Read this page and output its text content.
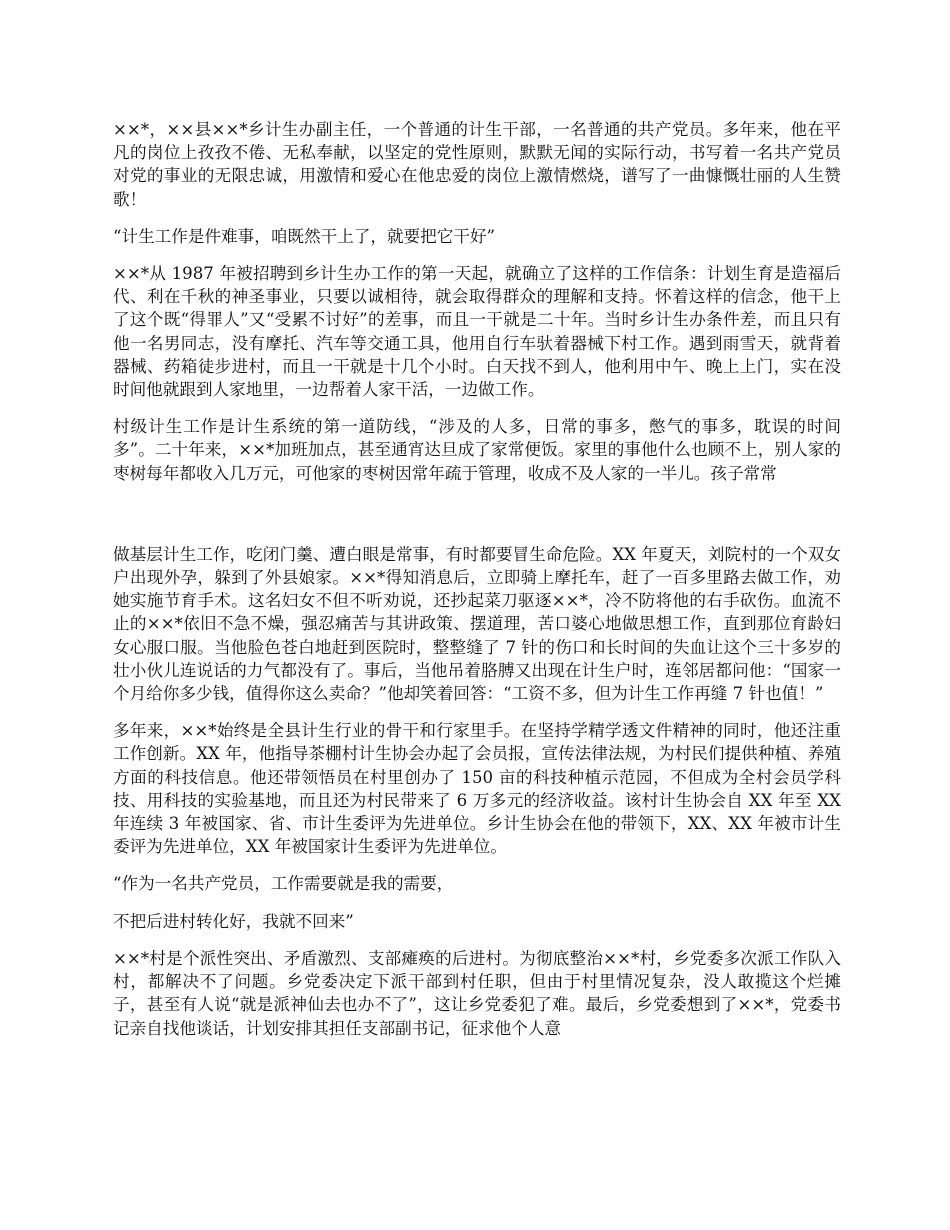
××*，××县××*乡计生办副主任，一个普通的计生干部，一名普通的共产党员。多年来，他在平凡的岗位上孜孜不倦、无私奉献，以坚定的党性原则，默默无闻的实际行动，书写着一名共产党员对党的事业的无限忠诚，用激情和爱心在他忠爱的岗位上激情燃烧，谱写了一曲慷慨壮丽的人生赞歌！

“计生工作是件难事，咱既然干上了，就要把它干好”

××*从 1987 年被招聘到乡计生办工作的第一天起，就确立了这样的工作信条：计划生育是造福后代、利在千秋的神圣事业，只要以诚相待，就会取得群众的理解和支持。怀着这样的信念，他干上了这个既“得罪人”又“受累不讨好”的差事，而且一干就是二十年。当时乡计生办条件差，而且只有他一名男同志，没有摩托、汽车等交通工具，他用自行车驮着器械下村工作。遇到雨雪天，就背着器械、药箱徒步进村，而且一干就是十几个小时。白天找不到人，他利用中午、晚上上门，实在没时间他就跟到人家地里，一边帮着人家干活，一边做工作。

村级计生工作是计生系统的第一道防线，“涉及的人多，日常的事多，憋气的事多，耽误的时间多”。二十年来，××*加班加点，甚至通宵达旦成了家常便饭。家里的事他什么也顾不上，别人家的枣树每年都收入几万元，可他家的枣树因常年疏于管理，收成不及人家的一半儿。孩子常常

做基层计生工作，吃闭门羹、遭白眼是常事，有时都要冒生命危险。XX 年夏天，刘院村的一个双女户出现外孕，躲到了外县娘家。××*得知消息后，立即骑上摩托车，赶了一百多里路去做工作，劝她实施节育手术。这名妇女不但不听劝说，还抄起菜刀驱逐××*，冷不防将他的右手砍伤。血流不止的××*依旧不急不燥，强忍痛苦与其讲政策、摆道理，苦口婆心地做思想工作，直到那位育龄妇女心服口服。当他脸色苍白地赶到医院时，整整缝了 7 针的伤口和长时间的失血让这个三十多岁的壮小伙儿连说话的力气都没有了。事后，当他吊着胳膊又出现在计生户时，连邻居都问他：“国家一个月给你多少钱，值得你这么卖命？”他却笑着回答：“工资不多，但为计生工作再缝 7 针也值！”

多年来，××*始终是全县计生行业的骨干和行家里手。在坚持学精学透文件精神的同时，他还注重工作创新。XX 年，他指导茶棚村计生协会办起了会员报，宣传法律法规，为村民们提供种植、养殖方面的科技信息。他还带领悟员在村里创办了 150 亩的科技种植示范园，不但成为全村会员学科技、用科技的实验基地，而且还为村民带来了 6 万多元的经济收益。该村计生协会自 XX 年至 XX 年连续 3 年被国家、省、市计生委评为先进单位。乡计生协会在他的带领下，XX、XX 年被市计生委评为先进单位，XX 年被国家计生委评为先进单位。

“作为一名共产党员，工作需要就是我的需要，

不把后进村转化好，我就不回来”

××*村是个派性突出、矛盾激烈、支部瘫痪的后进村。为彻底整治××*村，乡党委多次派工作队入村，都解决不了问题。乡党委决定下派干部到村任职，但由于村里情况复杂，没人敢揽这个烂摊子，甚至有人说“就是派神仙去也办不了”，这让乡党委犯了难。最后，乡党委想到了××*，党委书记亲自找他谈话，计划安排其担任支部副书记，征求他个人意
